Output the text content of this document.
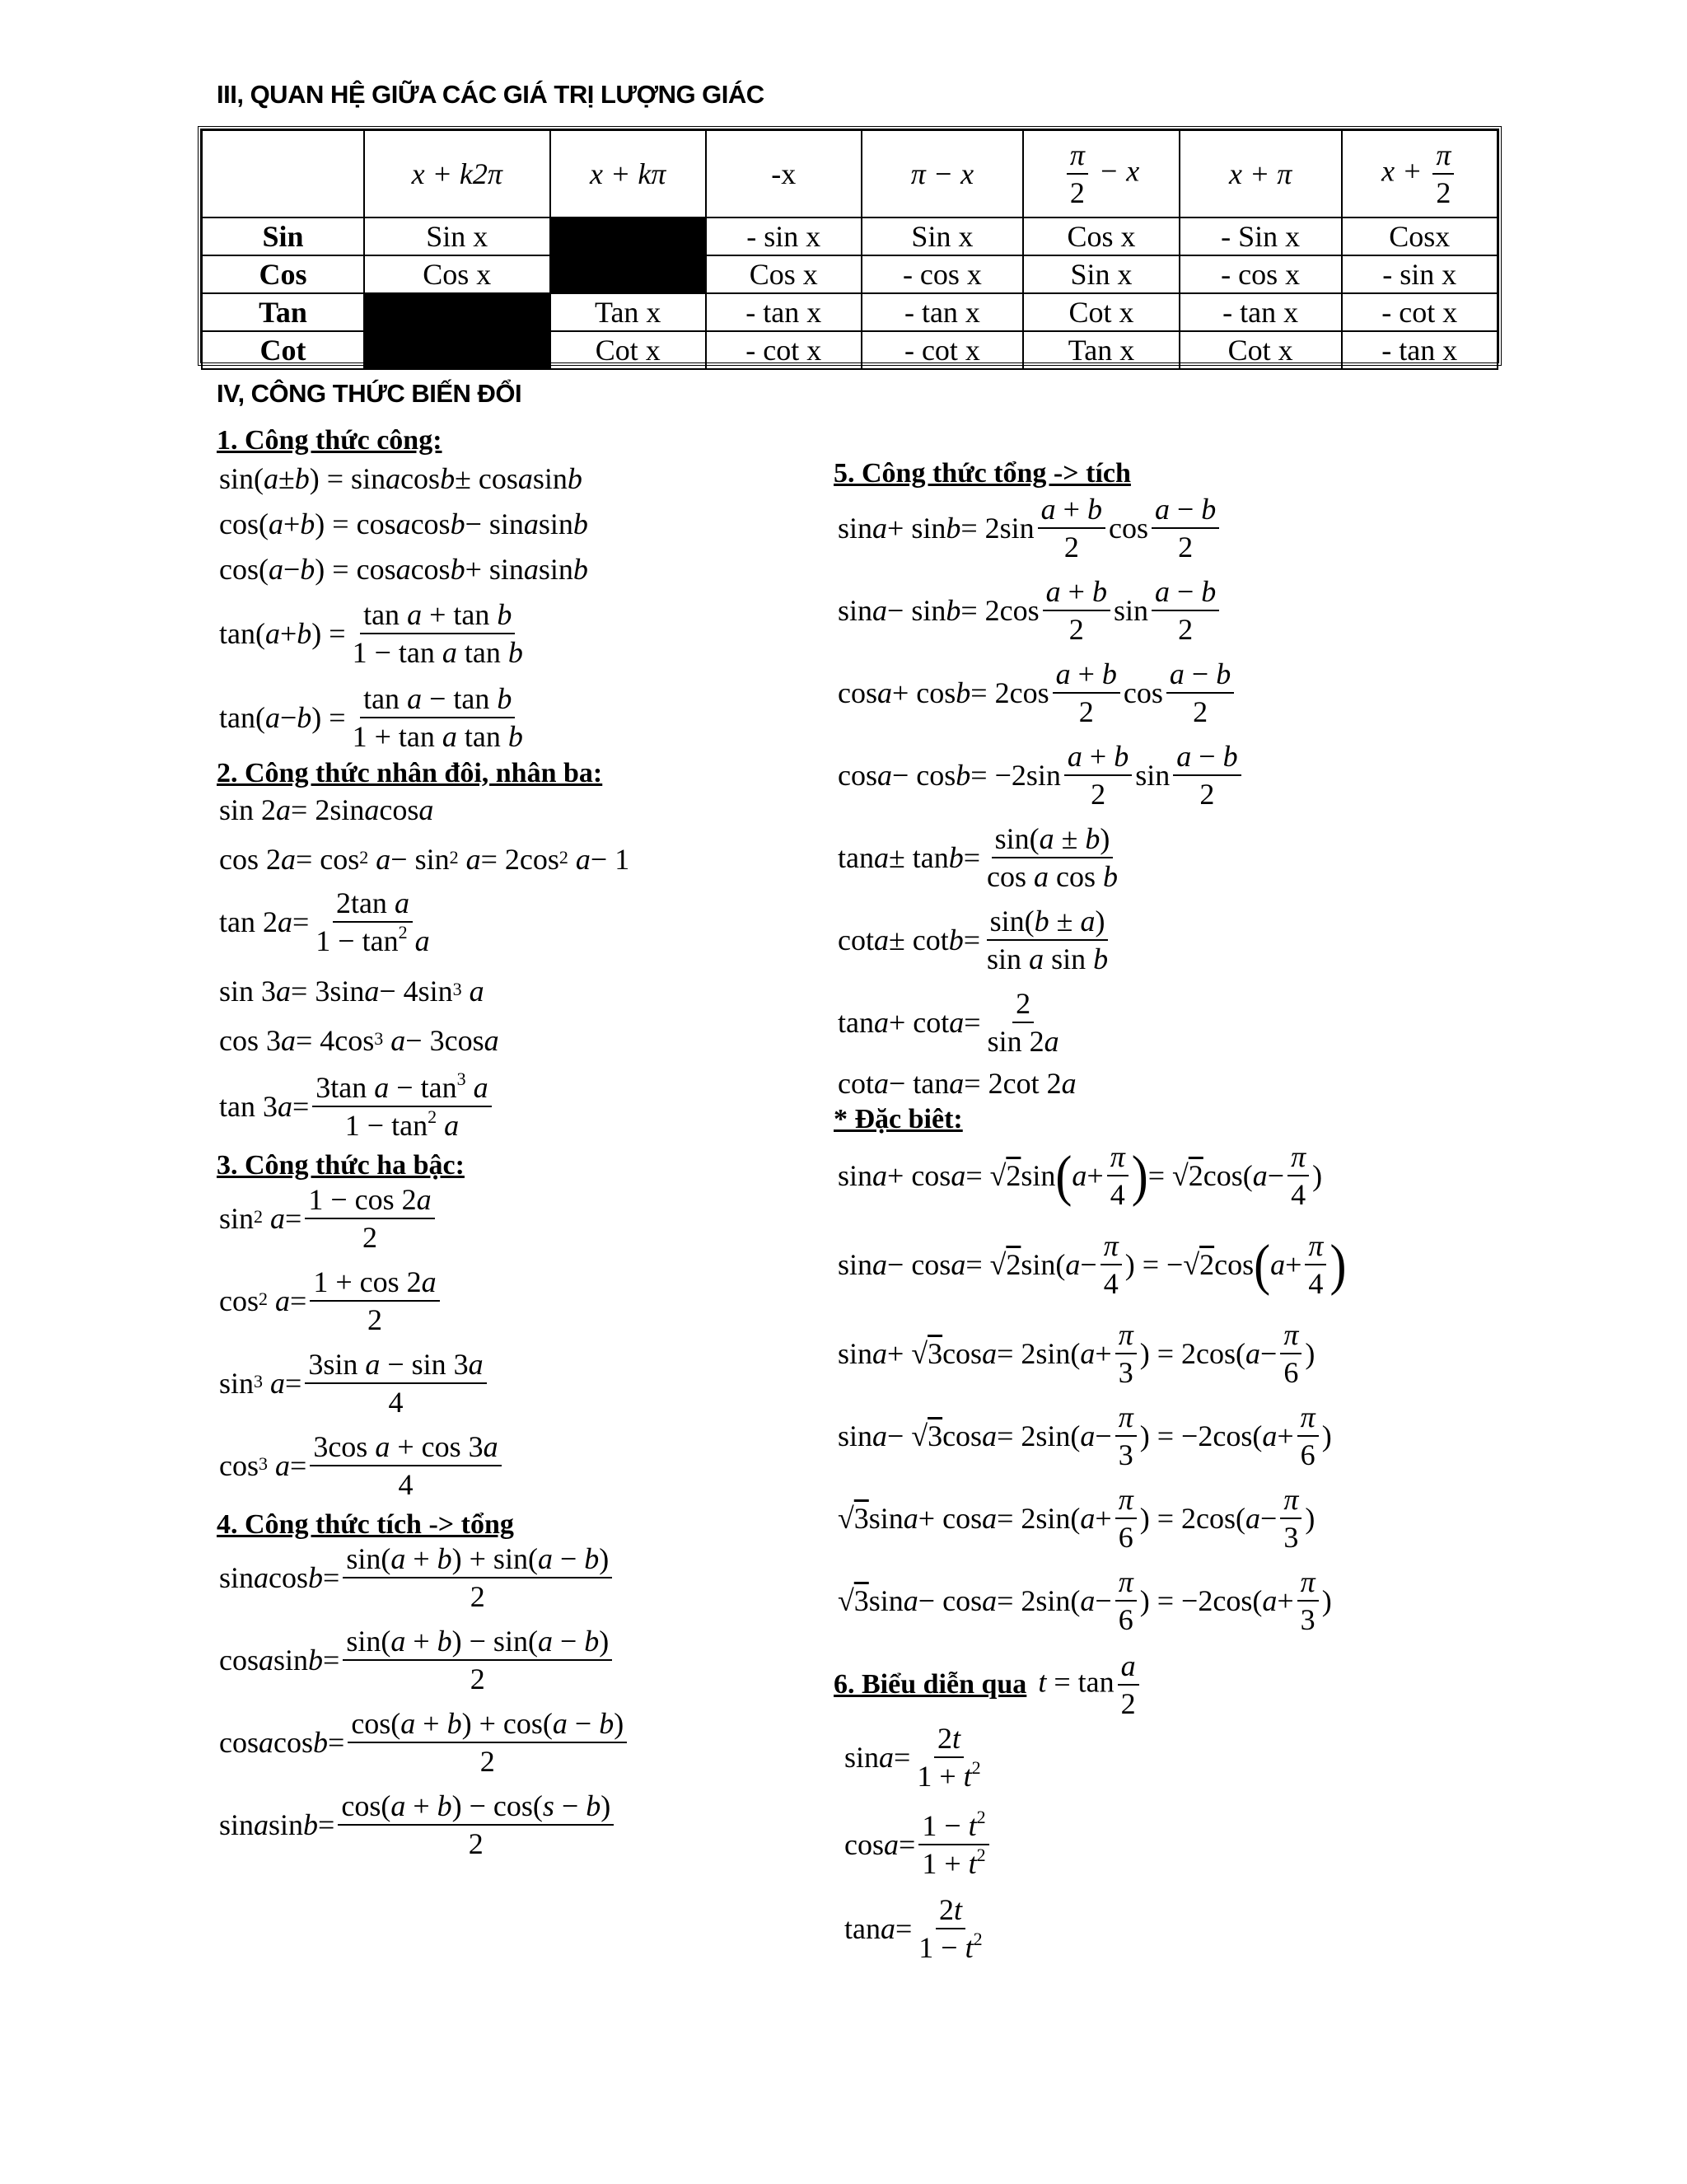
III, QUAN HỆ GIỮA CÁC GIÁ TRỊ LƯỢNG GIÁC
	x + k2π	x + kπ	-x	π − x	$\frac{\pi}{2} - x$	x + π	$x + \frac{\pi}{2}$

Sin	Sin x		- sin x	Sin x	Cos x	- Sin x	Cosx
Cos	Cos x		Cos x	- cos x	Sin x	- cos x	- sin x
Tan		Tan x	- tan x	- tan x	Cot x	- tan x	- cot x
Cot		Cot x	- cot x	- cot x	Tan x	Cot x	- tan x
IV, CÔNG THỨC BIẾN ĐỔI
1. Công thức công:
sin( a ± b ) = sin a cos b ± cos a sin b
cos( a + b ) = cos a cos b − sin a sin b
cos( a − b ) = cos a cos b + sin a sin b
tan( a + b ) =
tan a + tan b
1 − tan a tan b
tan( a − b ) =
tan a − tan b
1 + tan a tan b
2. Công thức nhân đôi, nhân ba:
sin 2 a = 2sin a cos a
cos 2 a = cos 2
a − sin 2
a = 2cos 2
a − 1
tan 2 a =
2tan a
$1 - \tan^2 a$
sin 3 a = 3sin a − 4sin 3
a
cos 3 a = 4cos 3
a − 3cos a
tan 3 a =
3tan $a - \tan^3 a$
$1 - \tan^2 a$
3. Công thức ha bậc:
sin 2
a =
1 − cos 2a
2
cos 2
a =
1 + cos 2a
2
sin 3
a =
3sin a − sin 3a
4
cos 3
a =
3cos a + cos 3a
4
4. Công thức tích -> tổng
sin a cos b =
sin(a + b) + sin(a − b)
2
cos a sin b =
sin(a + b) − sin(a − b)
2
cos a cos b =
cos(a + b) + cos(a − b)
2
sin a sin b =
cos(a + b) − cos(s − b)
2
5. Công thức tổng -> tích
sin a + sin b = 2sin
a + b
2
cos
a − b
2
sin a − sin b = 2cos
a + b
2
sin
a − b
2
cos a + cos b = 2cos
a + b
2
cos
a − b
2
cos a − cos b = −2sin
a + b
2
sin
a − b
2
tan a ± tan b =
sin(a ± b)
cos a cos b
cot a ± cot b =
sin(b ± a)
sin a sin b
tan a + cot a =
2
sin 2a
cot a − tan a = 2cot 2 a
* Đặc biêt:
sin a + cos a = √ 2 sin ( a +
π
4 ) = √ 2 cos( a −
π
4
)
sin a − cos a = √ 2 sin( a −
π
4
) = −√ 2 cos ( a +
π
4 )
sin a + √ 3 cos a = 2sin( a +
π
3
) = 2cos( a −
π
6
)
sin a − √ 3 cos a = 2sin( a −
π
3
) = −2cos( a +
π
6
)
√ 3 sin a + cos a = 2sin( a +
π
6
) = 2cos( a −
π
3
)
√ 3 sin a − cos a = 2sin( a −
π
6
) = −2cos( a +
π
3
)
6. Biểu diễn qua $t = \tan \frac{a}{2}$
sin a =
2t
$1 + t^2$
cos a =
$1 - t^2$
$1 + t^2$
tan a =
2t
$1 - t^2$
